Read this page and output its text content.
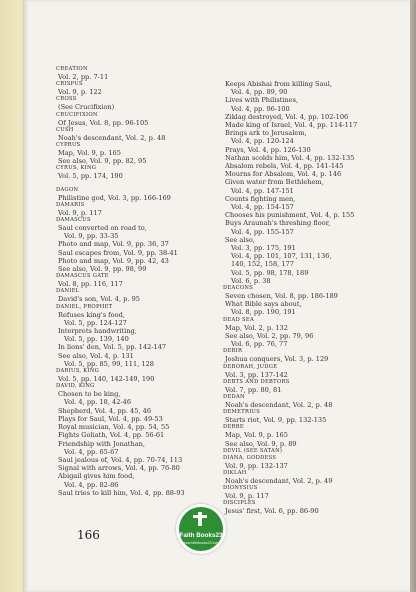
CREATION
Vol. 2, pp. 7-11
CRISPUS
Vol. 9, p. 122
CROSS
(See Crucifixion)
CRUCIFIXION
Of Jesus, Vol. 8, pp. 96-105
CUSH
Noah's descendant, Vol. 2, p. 48
CYPRUS
Map, Vol. 9, p. 165
See also, Vol. 9, pp. 82, 95
CYRUS, KING
Vol. 5, pp. 174, 190
DAGON
Philistine god, Vol. 3, pp. 166-169
DAMARIS
Vol. 9, p. 117
DAMASCUS
Saul converted on road to,
Vol. 9, pp. 33-35
Photo and map, Vol. 9, pp. 36, 37
Saul escapes from, Vol. 9, pp. 38-41
Photo and map, Vol. 9, pp. 42, 43
See also, Vol. 9, pp. 98, 99
DAMASCUS GATE
Vol. 8, pp. 116, 117
DANIEL
David's son, Vol. 4, p. 95
DANIEL, PROPHET
Refuses king's food,
Vol. 5, pp. 124-127
Interprets handwriting,
Vol. 5, pp. 139, 140
In lions' den, Vol. 5, pp. 142-147
See also, Vol. 4, p. 131
Vol. 5, pp. 85, 99, 111, 128
DARIUS, KING
Vol. 5, pp. 140, 142-149, 190
DAVID, KING
Chosen to be king,
Vol. 4, pp. 18, 42-46
Shepherd, Vol. 4, pp. 45, 46
Plays for Saul, Vol. 4, pp. 49-53
Royal musician, Vol. 4, pp. 54, 55
Fights Goliath, Vol. 4, pp. 56-61
Friendship with Jonathan,
Vol. 4, pp. 65-67
Saul jealous of, Vol. 4, pp. 70-74, 113
Signal with arrows, Vol. 4, pp. 76-80
Abigail gives him food,
Vol. 4, pp. 82-86
Saul tries to kill him, Vol. 4, pp. 88-93
Keeps Abishai from killing Saul,
Vol. 4, pp. 89, 90
Lives with Philistines,
Vol. 4, pp. 96-100
Ziklag destroyed, Vol. 4, pp. 102-106
Made king of Israel, Vol. 4, pp. 114-117
Brings ark to Jerusalem,
Vol. 4, pp. 120-124
Prays, Vol. 4, pp. 126-130
Nathan scolds him, Vol. 4, pp. 132-135
Absalom rebels, Vol. 4, pp. 141-145
Mourns for Absalom, Vol. 4, p. 146
Given water from Bethlehem,
Vol. 4, pp. 147-151
Counts fighting men,
Vol. 4, pp. 154-157
Chooses his punishment, Vol. 4, p. 155
Buys Araunah's threshing floor,
Vol. 4, pp. 155-157
See also,
Vol. 3, pp. 175, 191
Vol. 4, pp. 101, 107, 131, 136,
140, 152, 158, 177
Vol. 5, pp. 98, 178, 189
Vol. 6, p. 38
DEACONS
Seven chosen, Vol. 8, pp. 186-189
What Bible says about,
Vol. 8, pp. 190, 191
DEAD SEA
Map, Vol. 2, p. 132
See also, Vol. 2, pp. 79, 96
Vol. 6, pp. 76, 77
DEBIR
Joshua conquers, Vol. 3, p. 129
DEBORAH, JUDGE
Vol. 3, pp. 137-142
DEBTS AND DEBTORS
Vol. 7, pp. 80, 81
DEDAN
Noah's descendant, Vol. 2, p. 48
DEMETRIUS
Starts riot, Vol. 9, pp. 132-135
DERBE
Map, Vol. 9, p. 165
See also, Vol. 9, p. 89
DEVIL (SEE SATAN)
DIANA, GODDESS
Vol. 9, pp. 132-137
DIKLAH
Noah's descendant, Vol. 2, p. 49
DIONYSIUS
Vol. 9, p. 117
DISCIPLES
Jesus' first, Vol. 6, pp. 86-90
166	Faith Books23
www.faithbooks23.com
